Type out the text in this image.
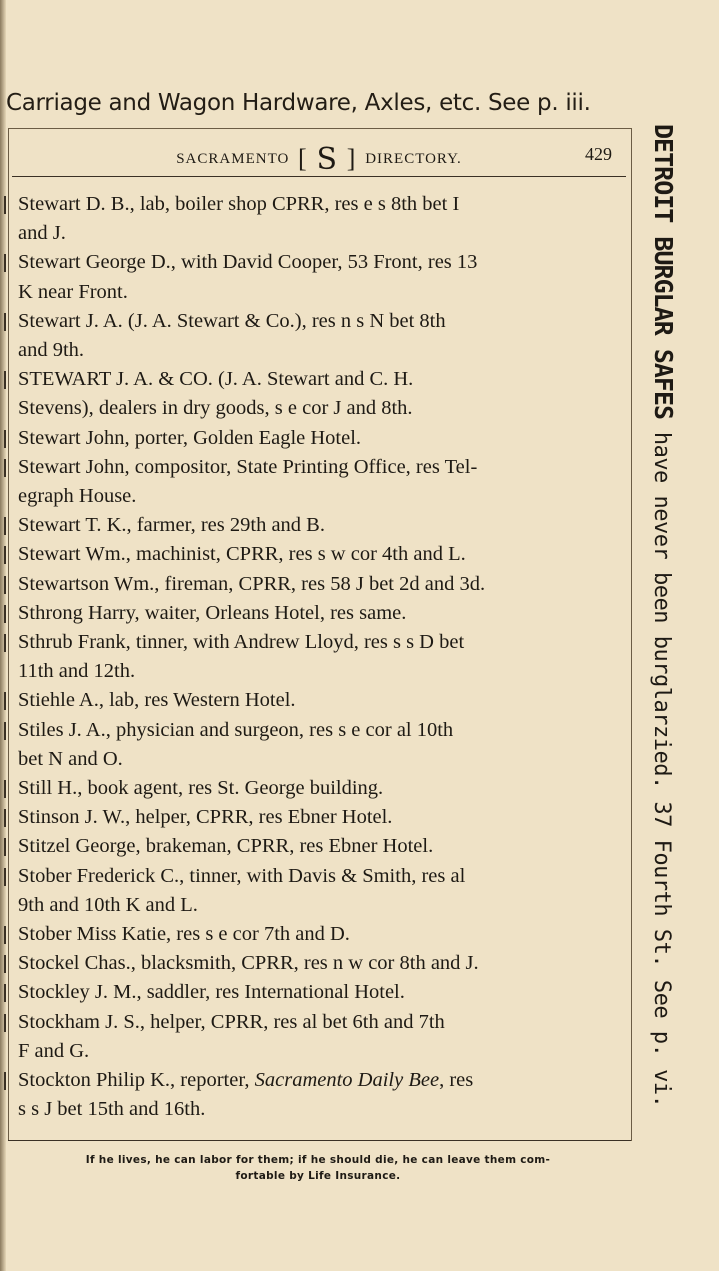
Carriage and Wagon Hardware, Axles, etc. See p. iii.
SACRAMENTO [ S ] DIRECTORY.	429
Stewart D. B., lab, boiler shop CPRR, res e s 8th bet I
and J.
Stewart George D., with David Cooper, 53 Front, res 13
K near Front.
Stewart J. A. (J. A. Stewart & Co.), res n s N bet 8th
and 9th.
STEWART J. A. & CO. (J. A. Stewart and C. H.
Stevens), dealers in dry goods, s e cor J and 8th.
Stewart John, porter, Golden Eagle Hotel.
Stewart John, compositor, State Printing Office, res Tel-
egraph House.
Stewart T. K., farmer, res 29th and B.
Stewart Wm., machinist, CPRR, res s w cor 4th and L.
Stewartson Wm., fireman, CPRR, res 58 J bet 2d and 3d.
Sthrong Harry, waiter, Orleans Hotel, res same.
Sthrub Frank, tinner, with Andrew Lloyd, res s s D bet
11th and 12th.
Stiehle A., lab, res Western Hotel.
Stiles J. A., physician and surgeon, res s e cor al 10th
bet N and O.
Still H., book agent, res St. George building.
Stinson J. W., helper, CPRR, res Ebner Hotel.
Stitzel George, brakeman, CPRR, res Ebner Hotel.
Stober Frederick C., tinner, with Davis & Smith, res al
9th and 10th K and L.
Stober Miss Katie, res s e cor 7th and D.
Stockel Chas., blacksmith, CPRR, res n w cor 8th and J.
Stockley J. M., saddler, res International Hotel.
Stockham J. S., helper, CPRR, res al bet 6th and 7th
F and G.
Stockton Philip K., reporter, Sacramento Daily Bee, res
s s J bet 15th and 16th.
If he lives, he can labor for them; if he should die, he can leave them com-
fortable by Life Insurance.
DETROIT BURGLAR SAFES have never been burglarzied. 37 Fourth St. See p. vi.
